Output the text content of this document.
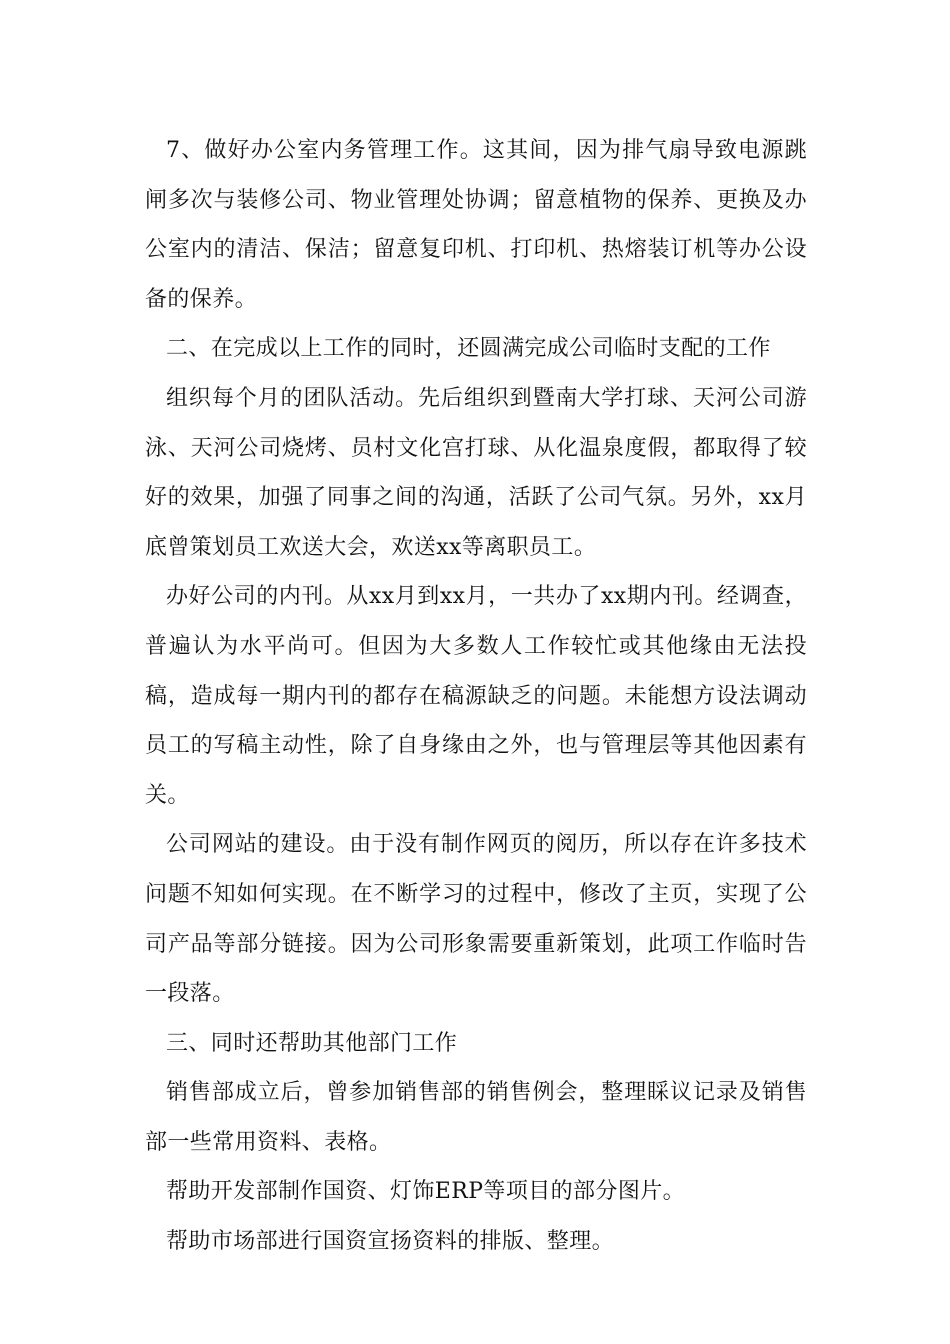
7、做好办公室内务管理工作。这其间，因为排气扇导致电源跳闸多次与装修公司、物业管理处协调；留意植物的保养、更换及办公室内的清洁、保洁；留意复印机、打印机、热熔装订机等办公设备的保养。

二、在完成以上工作的同时，还圆满完成公司临时支配的工作

组织每个月的团队活动。先后组织到暨南大学打球、天河公司游泳、天河公司烧烤、员村文化宫打球、从化温泉度假，都取得了较好的效果，加强了同事之间的沟通，活跃了公司气氛。另外，xx月底曾策划员工欢送大会，欢送xx等离职员工。

办好公司的内刊。从xx月到xx月，一共办了xx期内刊。经调查，普遍认为水平尚可。但因为大多数人工作较忙或其他缘由无法投稿，造成每一期内刊的都存在稿源缺乏的问题。未能想方设法调动员工的写稿主动性，除了自身缘由之外，也与管理层等其他因素有关。

公司网站的建设。由于没有制作网页的阅历，所以存在许多技术问题不知如何实现。在不断学习的过程中，修改了主页，实现了公司产品等部分链接。因为公司形象需要重新策划，此项工作临时告一段落。

三、同时还帮助其他部门工作

销售部成立后，曾参加销售部的销售例会，整理睬议记录及销售部一些常用资料、表格。

帮助开发部制作国资、灯饰ERP等项目的部分图片。

帮助市场部进行国资宣扬资料的排版、整理。
